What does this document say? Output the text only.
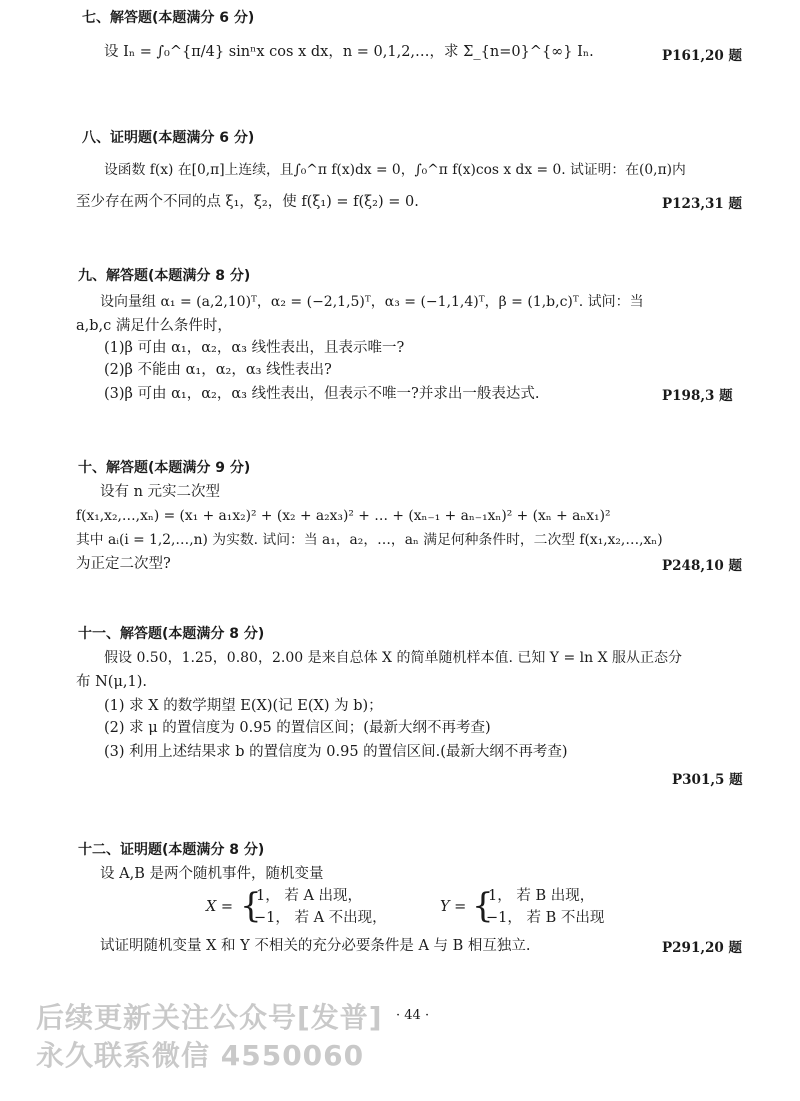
七、解答题(本题满分 6 分)
设 Iₙ = ∫₀^{π/4} sinⁿx cos x dx，n = 0,1,2,…，求 Σ_{n=0}^{∞} Iₙ.	P161,20 题
八、证明题(本题满分 6 分)
设函数 f(x) 在[0,π]上连续，且∫₀^π f(x)dx = 0，∫₀^π f(x)cos x dx = 0. 试证明：在(0,π)内
至少存在两个不同的点 ξ₁，ξ₂，使 f(ξ₁) = f(ξ₂) = 0.	P123,31 题
九、解答题(本题满分 8 分)
设向量组 α₁ = (a,2,10)ᵀ，α₂ = (−2,1,5)ᵀ，α₃ = (−1,1,4)ᵀ，β = (1,b,c)ᵀ. 试问：当
a,b,c 满足什么条件时，
(1)β 可由 α₁，α₂，α₃ 线性表出，且表示唯一?
(2)β 不能由 α₁，α₂，α₃ 线性表出?
(3)β 可由 α₁，α₂，α₃ 线性表出，但表示不唯一?并求出一般表达式.	P198,3 题
十、解答题(本题满分 9 分)
设有 n 元实二次型
f(x₁,x₂,…,xₙ) = (x₁ + a₁x₂)² + (x₂ + a₂x₃)² + … + (xₙ₋₁ + aₙ₋₁xₙ)² + (xₙ + aₙx₁)²
其中 aᵢ(i = 1,2,…,n) 为实数. 试问：当 a₁，a₂，…，aₙ 满足何种条件时，二次型 f(x₁,x₂,…,xₙ)
为正定二次型?	P248,10 题
十一、解答题(本题满分 8 分)
假设 0.50，1.25，0.80，2.00 是来自总体 X 的简单随机样本值. 已知 Y = ln X 服从正态分
布 N(μ,1).
(1) 求 X 的数学期望 E(X)(记 E(X) 为 b)；
(2) 求 μ 的置信度为 0.95 的置信区间；(最新大纲不再考查)
(3) 利用上述结果求 b 的置信度为 0.95 的置信区间.(最新大纲不再考查)
P301,5 题
十二、证明题(本题满分 8 分)
设 A,B 是两个随机事件，随机变量
X = {
1， 若 A 出现，
−1， 若 A 不出现，
Y = {
1， 若 B 出现，
−1， 若 B 不出现
试证明随机变量 X 和 Y 不相关的充分必要条件是 A 与 B 相互独立.	P291,20 题
· 44 ·
后续更新关注公众号[发普]
永久联系微信 4550060
